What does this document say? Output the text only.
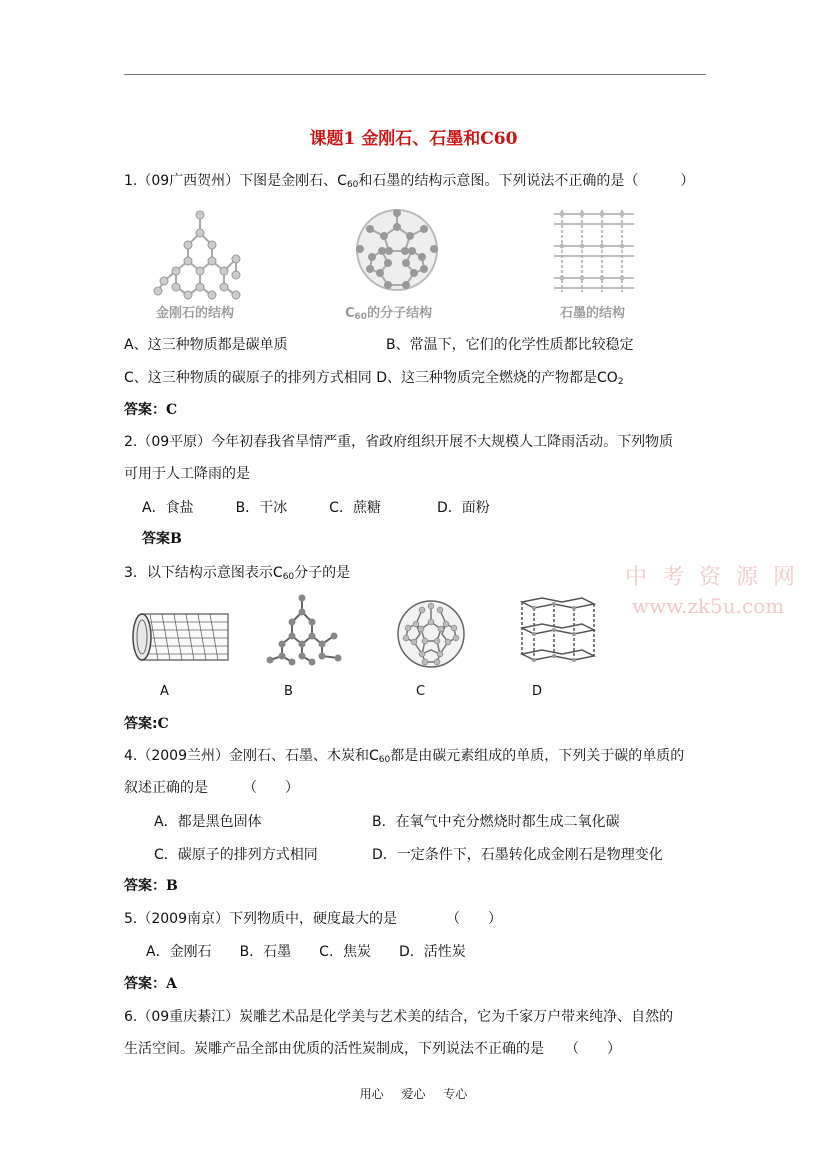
课题1 金刚石、石墨和C60
1.（09广西贺州）下图是金刚石、$C_{60}$和石墨的结构示意图。下列说法不正确的是（　　　）
金刚石的结构	$C_{60}$的分子结构	石墨的结构
A、这三种物质都是碳单质	B、常温下，它们的化学性质都比较稳定
C、这三种物质的碳原子的排列方式相同 D、这三种物质完全燃烧的产物都是$CO_2$
答案：C
2.（09平原）今年初春我省旱情严重，省政府组织开展不大规模人工降雨活动。下列物质
可用于人工降雨的是
A．食盐　　　B．干冰　　　C．蔗糖　　　　D．面粉
答案B
中 考 资 源 网
www.zk5u.com
3．以下结构示意图表示$C_{60}$分子的是
A	B	C	D
答案:C
4.（2009兰州）金刚石、石墨、木炭和$C_{60}$都是由碳元素组成的单质，下列关于碳的单质的
叙述正确的是　　　（　　）
A．都是黑色固体	B．在氧气中充分燃烧时都生成二氧化碳
C．碳原子的排列方式相同	D．一定条件下，石墨转化成金刚石是物理变化
答案：B
5.（2009南京）下列物质中，硬度最大的是　　　　（　　）
A．金刚石　　B．石墨　　C．焦炭　　D．活性炭
答案：A
6.（09重庆綦江）炭雕艺术品是化学美与艺术美的结合，它为千家万户带来纯净、自然的
生活空间。炭雕产品全部由优质的活性炭制成，下列说法不正确的是　　（　　）
用心 爱心 专心
